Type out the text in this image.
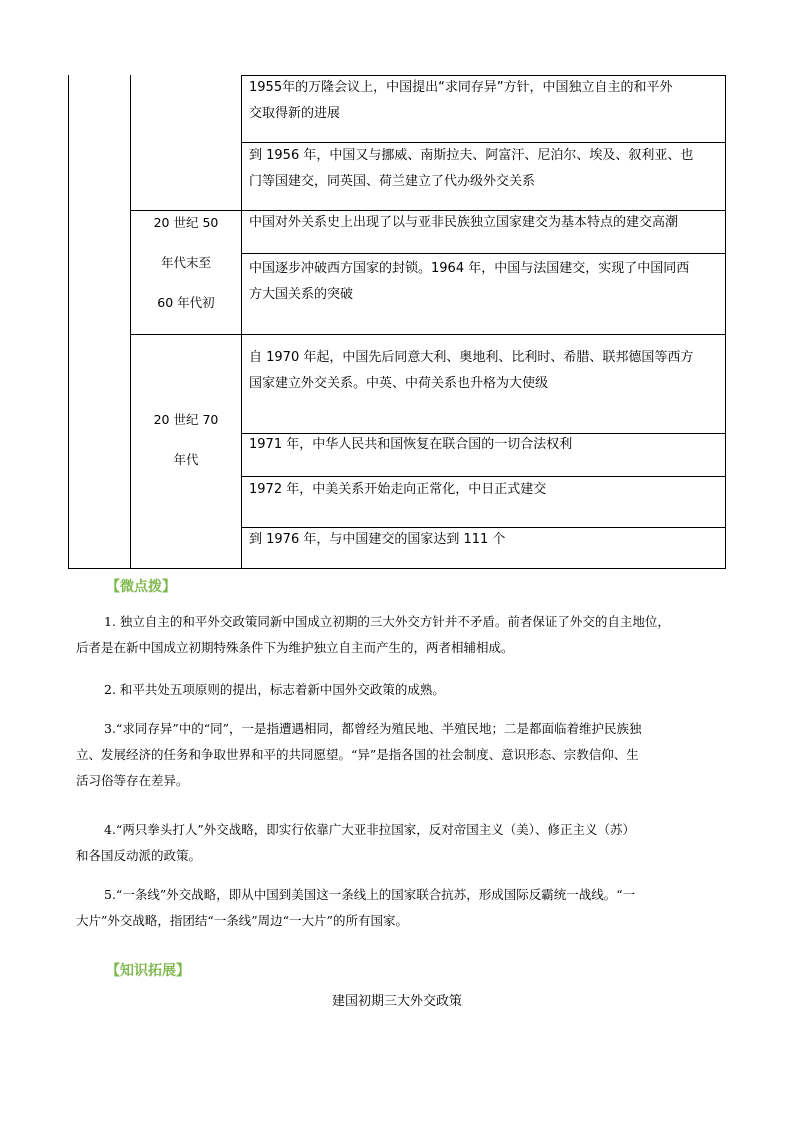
1955年的万隆会议上，中国提出“求同存异”方针，中国独立自主的和平外
交取得新的进展
到 1956 年，中国又与挪威、南斯拉夫、阿富汗、尼泊尔、埃及、叙利亚、也
门等国建交，同英国、荷兰建立了代办级外交关系
20 世纪 50
年代末至
60 年代初
中国对外关系史上出现了以与亚非民族独立国家建交为基本特点的建交高潮
中国逐步冲破西方国家的封锁。1964 年，中国与法国建交，实现了中国同西
方大国关系的突破
20 世纪 70
年代
自 1970 年起，中国先后同意大利、奥地利、比利时、希腊、联邦德国等西方
国家建立外交关系。中英、中荷关系也升格为大使级
1971 年，中华人民共和国恢复在联合国的一切合法权利
1972 年，中美关系开始走向正常化，中日正式建交
到 1976 年，与中国建交的国家达到 111 个
【微点拨】
1. 独立自主的和平外交政策同新中国成立初期的三大外交方针并不矛盾。前者保证了外交的自主地位，
后者是在新中国成立初期特殊条件下为维护独立自主而产生的，两者相辅相成。
2. 和平共处五项原则的提出，标志着新中国外交政策的成熟。
3.“求同存异”中的“同”，一是指遭遇相同，都曾经为殖民地、半殖民地；二是都面临着维护民族独
立、发展经济的任务和争取世界和平的共同愿望。“异”是指各国的社会制度、意识形态、宗教信仰、生
活习俗等存在差异。
4.“两只拳头打人”外交战略，即实行依靠广大亚非拉国家，反对帝国主义（美）、修正主义（苏）
和各国反动派的政策。
5.“一条线”外交战略，即从中国到美国这一条线上的国家联合抗苏，形成国际反霸统一战线。“一
大片”外交战略，指团结“一条线”周边“一大片”的所有国家。
【知识拓展】
建国初期三大外交政策
